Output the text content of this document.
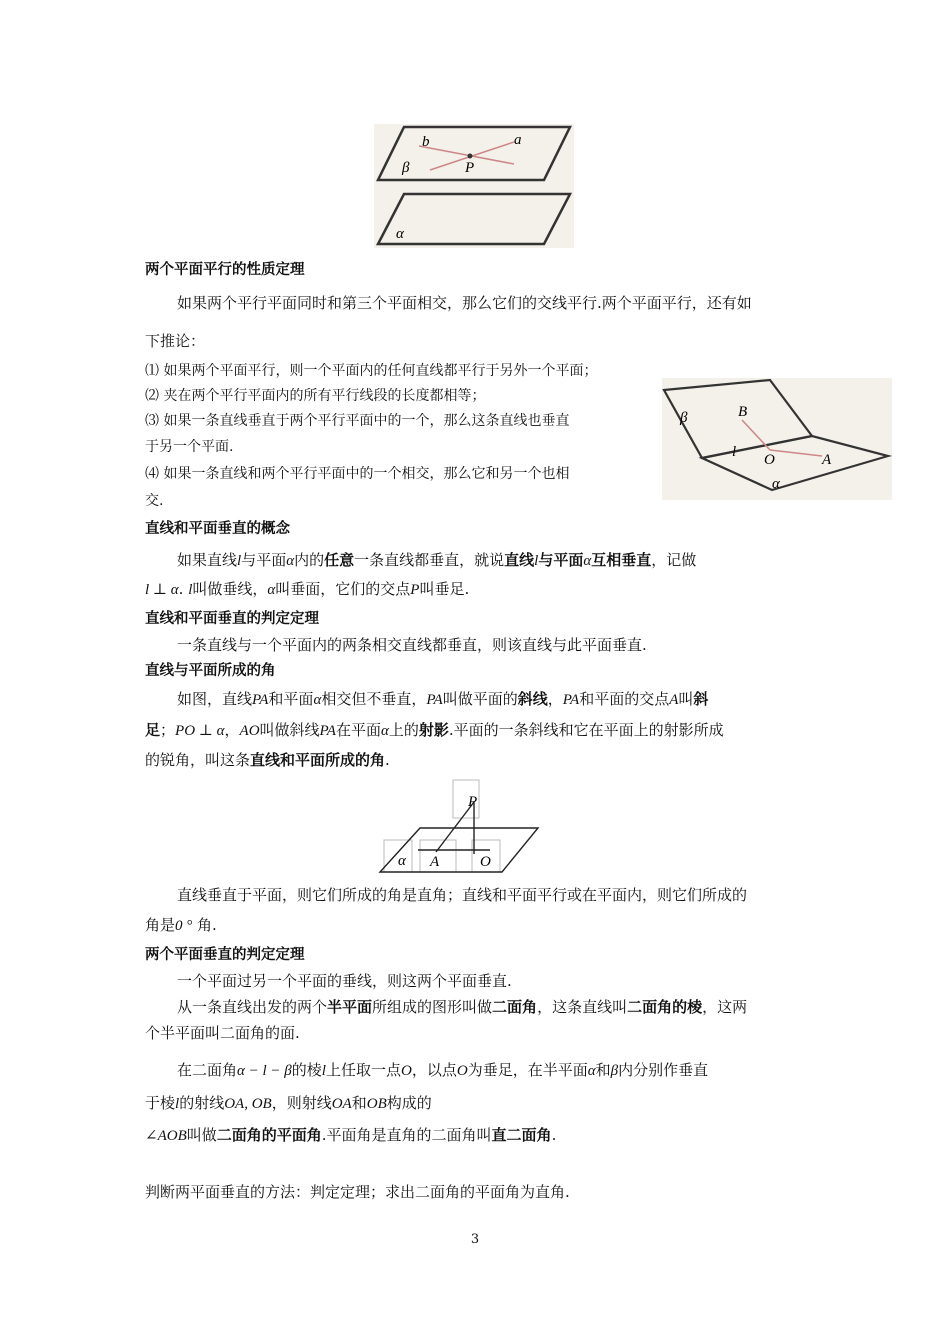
β
b	a
P
α
两个平面平行的性质定理
如果两个平行平面同时和第三个平面相交，那么它们的交线平行.两个平面平行，还有如
下推论：
⑴ 如果两个平面平行，则一个平面内的任何直线都平行于另外一个平面；
⑵ 夹在两个平行平面内的所有平行线段的长度都相等；
⑶ 如果一条直线垂直于两个平行平面中的一个，那么这条直线也垂直
于另一个平面.
⑷ 如果一条直线和两个平行平面中的一个相交，那么它和另一个也相
交.
β	B
l O	A
α
直线和平面垂直的概念
如果直线l与平面α内的任意一条直线都垂直，就说直线l与平面α互相垂直，记做
l ⊥ α. l叫做垂线，α叫垂面，它们的交点P叫垂足.
直线和平面垂直的判定定理
一条直线与一个平面内的两条相交直线都垂直，则该直线与此平面垂直.
直线与平面所成的角
如图，直线PA和平面α相交但不垂直，PA叫做平面的斜线，PA和平面的交点A叫斜
足；PO ⊥ α，AO叫做斜线PA在平面α上的射影.平面的一条斜线和它在平面上的射影所成
的锐角，叫这条直线和平面所成的角.
P
α A	O
直线垂直于平面，则它们所成的角是直角；直线和平面平行或在平面内，则它们所成的
角是0 ° 角.
两个平面垂直的判定定理
一个平面过另一个平面的垂线，则这两个平面垂直.
从一条直线出发的两个半平面所组成的图形叫做二面角，这条直线叫二面角的棱，这两
个半平面叫二面角的面.
在二面角α − l − β的棱l上任取一点O，以点O为垂足，在半平面α和β内分别作垂直
于棱l的射线OA, OB，则射线OA和OB构成的
∠AOB叫做二面角的平面角.平面角是直角的二面角叫直二面角.
判断两平面垂直的方法：判定定理；求出二面角的平面角为直角.
3
